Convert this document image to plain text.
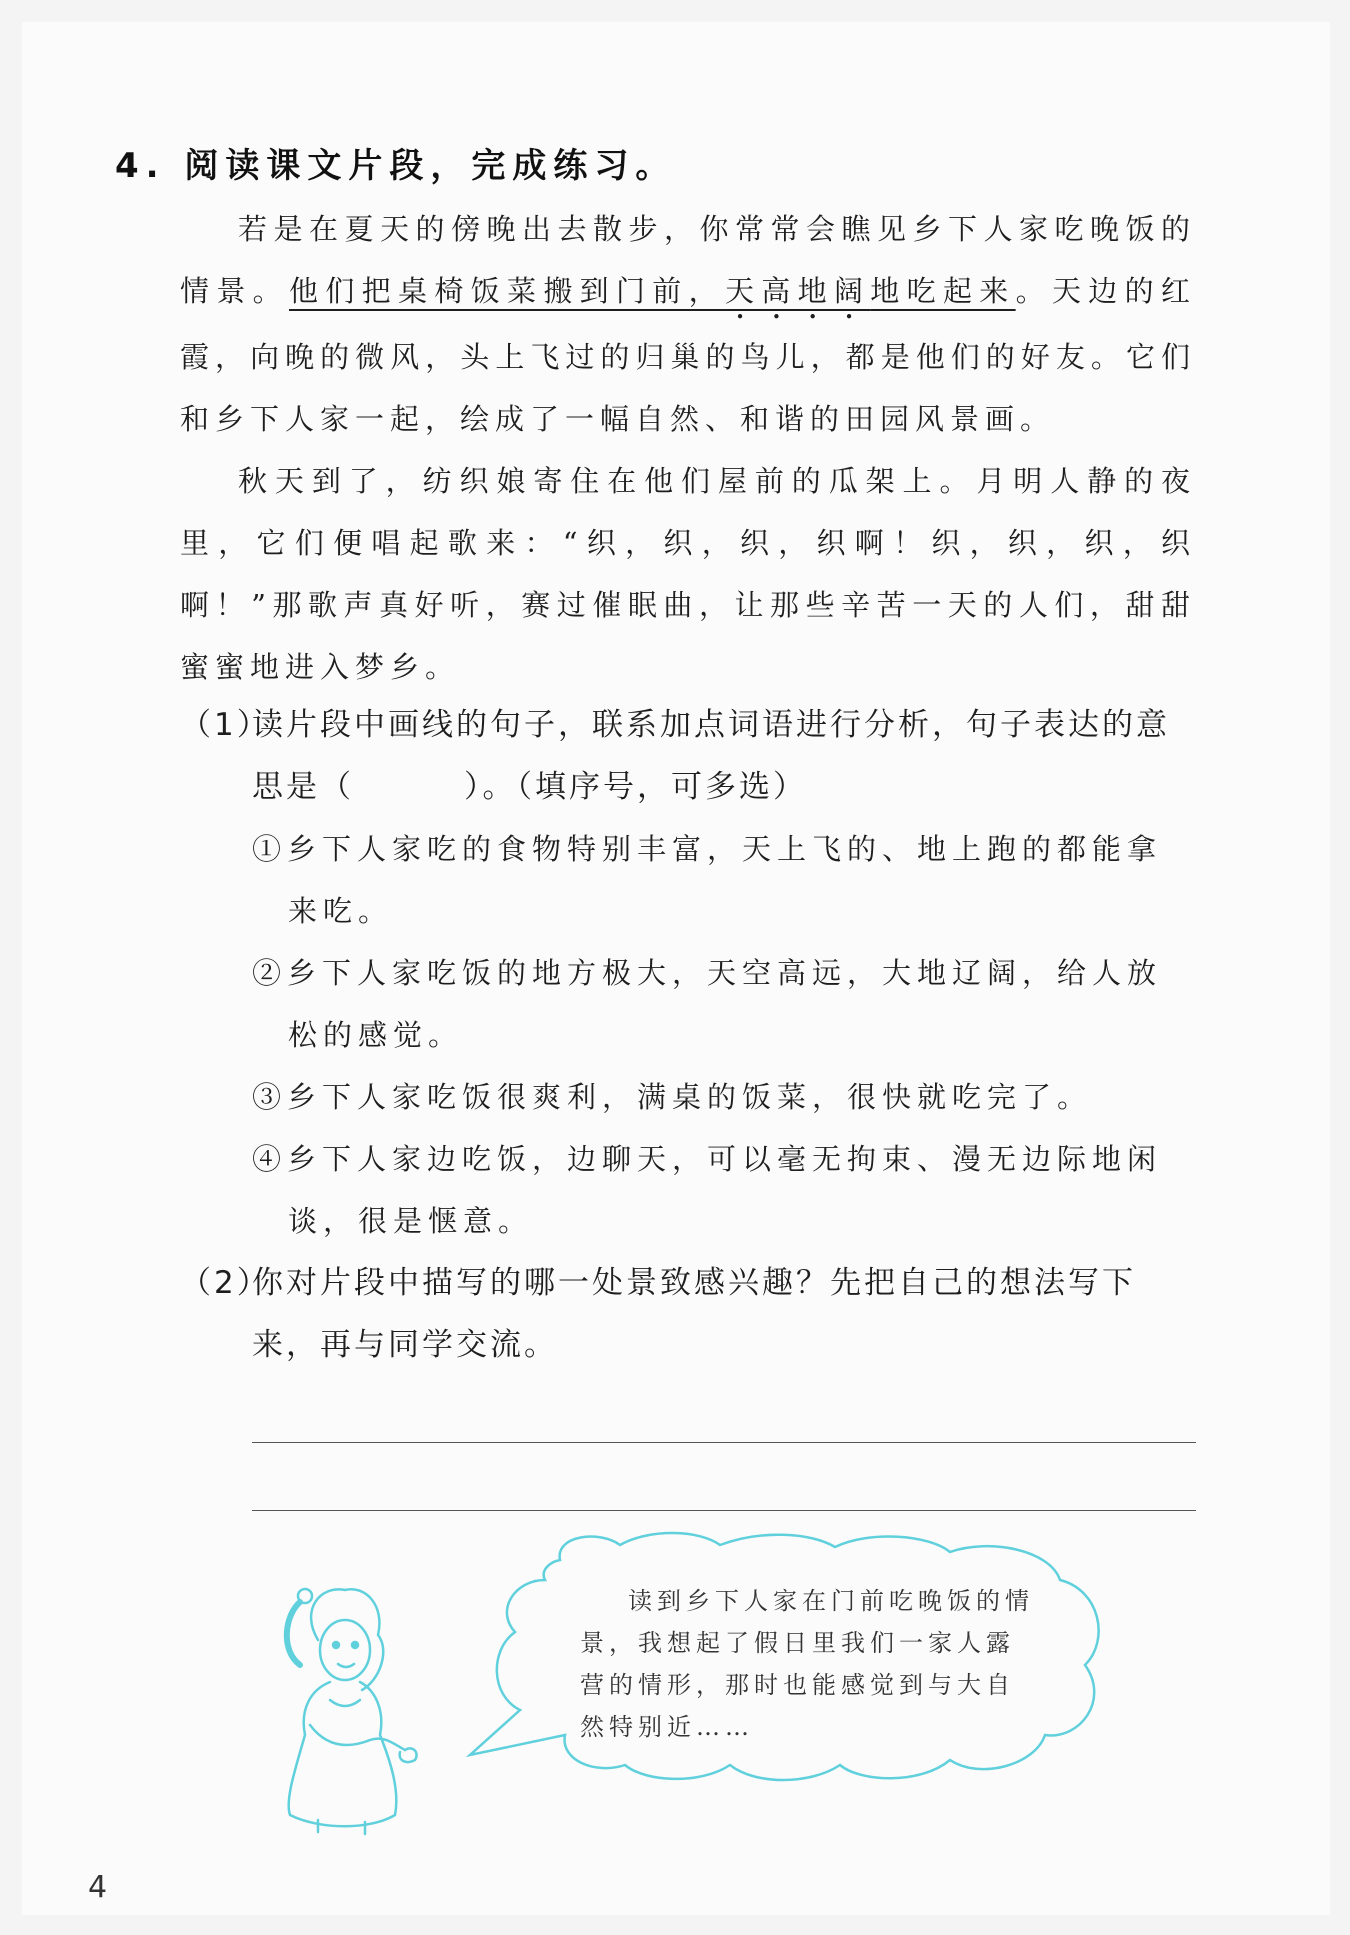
4. 阅读课文片段，完成练习。

若是在夏天的傍晚出去散步，你常常会瞧见乡下人家吃晚饭的情景。他们把桌椅饭菜搬到门前，天高地阔地吃起来。天边的红霞，向晚的微风，头上飞过的归巢的鸟儿，都是他们的好友。它们和乡下人家一起，绘成了一幅自然、和谐的田园风景画。

秋天到了，纺织娘寄住在他们屋前的瓜架上。月明人静的夜里，它们便唱起歌来：“织，织，织，织啊！织，织，织，织啊！”那歌声真好听，赛过催眠曲，让那些辛苦一天的人们，甜甜蜜蜜地进入梦乡。

（1）
读片段中画线的句子，联系加点词语进行分析，句子表达的意思是（	）。（填序号，可多选）
①乡下人家吃的食物特别丰富，天上飞的、地上跑的都能拿来吃。
②乡下人家吃饭的地方极大，天空高远，大地辽阔，给人放松的感觉。
③乡下人家吃饭很爽利，满桌的饭菜，很快就吃完了。
④乡下人家边吃饭，边聊天，可以毫无拘束、漫无边际地闲谈，很是惬意。
（2）
你对片段中描写的哪一处景致感兴趣？先把自己的想法写下来，再与同学交流。
读到乡下人家在门前吃晚饭的情景，我想起了假日里我们一家人露营的情形，那时也能感觉到与大自然特别近……
4
